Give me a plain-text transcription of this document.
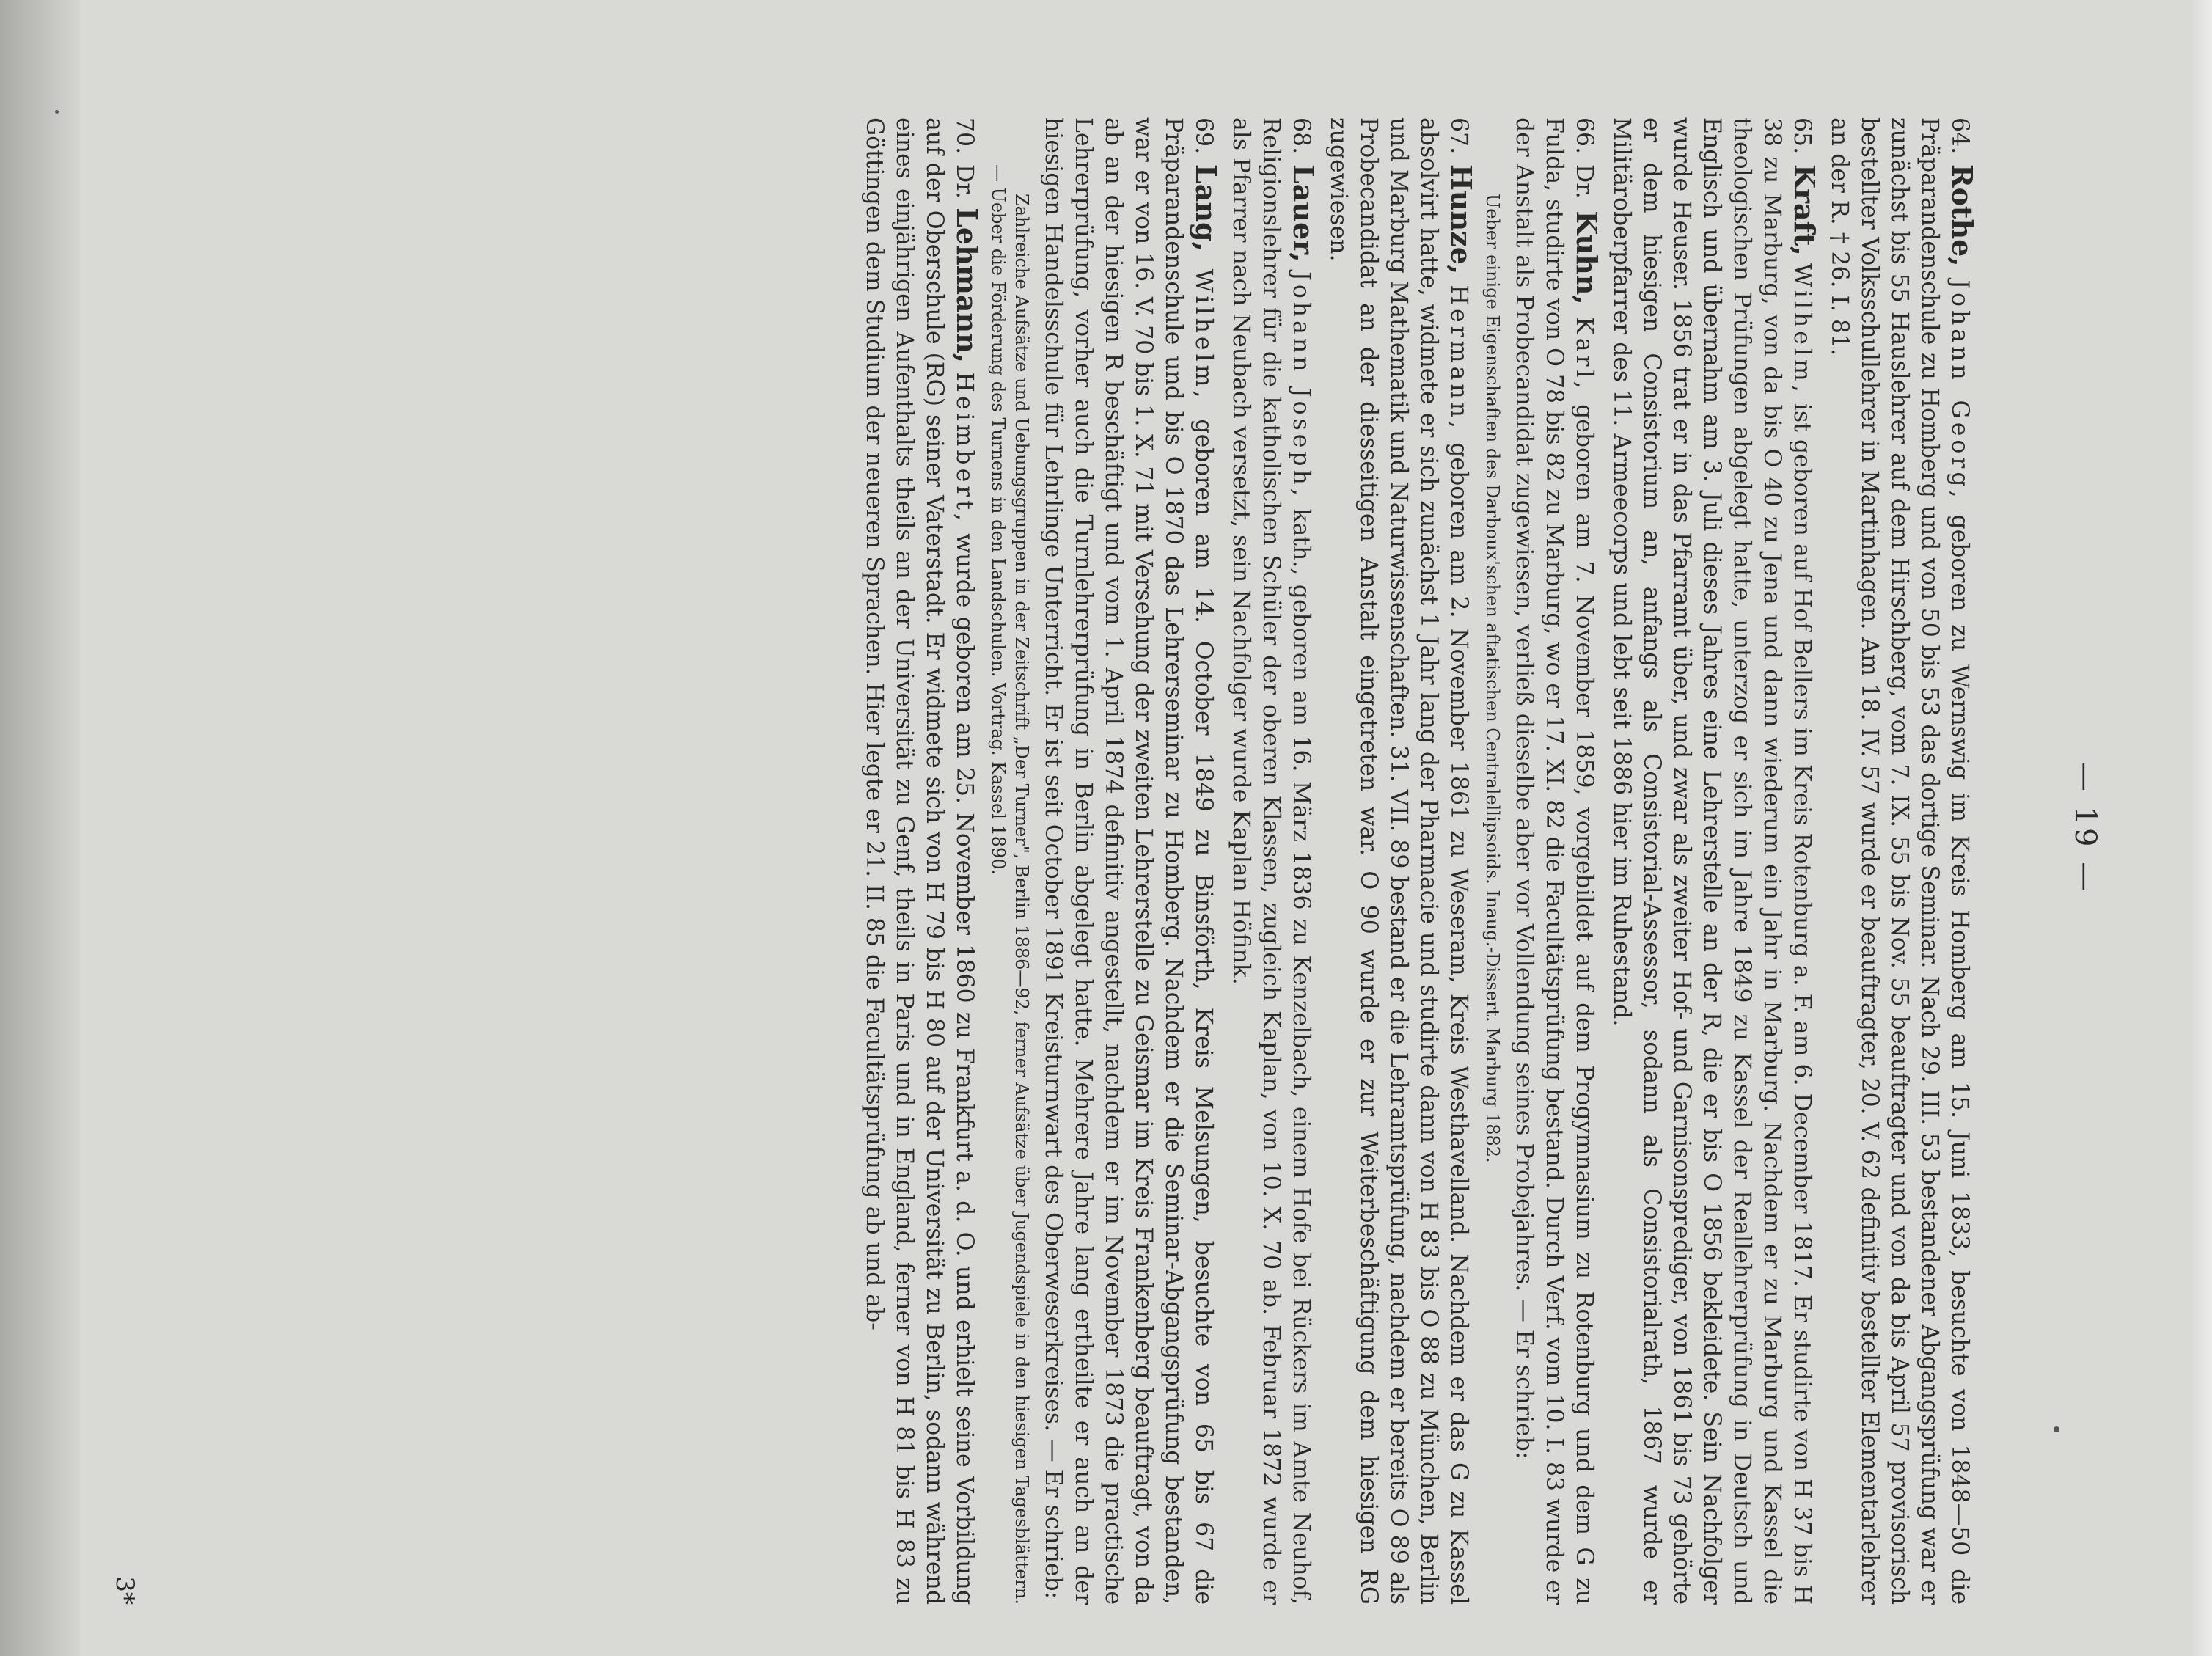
— 19 —

64.Rothe, Johann Georg, geboren zu Wernswig im Kreis Homberg am 15. Juni 1833, besuchte von 1848—50 die Präparandenschule zu Homberg und von 50 bis 53 das dortige Seminar. Nach 29. III. 53 bestandener Abgangsprüfung war er zunächst bis 55 Hauslehrer auf dem Hirschberg, vom 7. IX. 55 bis Nov. 55 beauftragter und von da bis April 57 provisorisch bestellter Volksschullehrer in Martinhagen. Am 18. IV. 57 wurde er beauftragter, 20. V. 62 definitiv bestellter Elementarlehrer an der R. † 26. I. 81.

65.Kraft, Wilhelm, ist geboren auf Hof Bellers im Kreis Rotenburg a. F. am 6. December 1817. Er studirte von H 37 bis H 38 zu Marburg, von da bis O 40 zu Jena und dann wiederum ein Jahr in Marburg. Nachdem er zu Marburg und Kassel die theologischen Prüfungen abgelegt hatte, unterzog er sich im Jahre 1849 zu Kassel der Reallehrerprüfung in Deutsch und Englisch und übernahm am 3. Juli dieses Jahres eine Lehrerstelle an der R, die er bis O 1856 bekleidete. Sein Nachfolger wurde Heuser. 1856 trat er in das Pfarramt über, und zwar als zweiter Hof- und Garnisonsprediger, von 1861 bis 73 gehörte er dem hiesigen Consistorium an, anfangs als Consistorial-Assessor, sodann als Consistorialrath, 1867 wurde er Militäroberpfarrer des 11. Armeecorps und lebt seit 1886 hier im Ruhestand.

66.Dr. Kuhn, Karl, geboren am 7. November 1859, vorgebildet auf dem Progymnasium zu Rotenburg und dem G zu Fulda, studirte von O 78 bis 82 zu Marburg, wo er 17. XI. 82 die Facultätsprüfung bestand. Durch Verf. vom 10. I. 83 wurde er der Anstalt als Probecandidat zugewiesen, verließ dieselbe aber vor Vollendung seines Probejahres. — Er schrieb:

Ueber einige Eigenschaften des Darboux'schen aftatischen Centralellipsoids. Inaug.-Dissert. Marburg 1882.

67.Hunze, Hermann, geboren am 2. November 1861 zu Weseram, Kreis Westhavelland. Nachdem er das G zu Kassel absolvirt hatte, widmete er sich zunächst 1 Jahr lang der Pharmacie und studirte dann von H 83 bis O 88 zu München, Berlin und Marburg Mathematik und Naturwissenschaften. 31. VII. 89 bestand er die Lehramtsprüfung, nachdem er bereits O 89 als Probecandidat an der diesseitigen Anstalt eingetreten war. O 90 wurde er zur Weiterbeschäftigung dem hiesigen RG zugewiesen.

68.Lauer, Johann Joseph, kath., geboren am 16. März 1836 zu Kenzelbach, einem Hofe bei Rückers im Amte Neuhof, Religionslehrer für die katholischen Schüler der oberen Klassen, zugleich Kaplan, von 10. X. 70 ab. Februar 1872 wurde er als Pfarrer nach Neubach versetzt, sein Nachfolger wurde Kaplan Höfink.

69.Lang, Wilhelm, geboren am 14. October 1849 zu Binsförth, Kreis Melsungen, besuchte von 65 bis 67 die Präparandenschule und bis O 1870 das Lehrerseminar zu Homberg. Nachdem er die Seminar-Abgangsprüfung bestanden, war er von 16. V. 70 bis 1. X. 71 mit Versehung der zweiten Lehrerstelle zu Geismar im Kreis Frankenberg beauftragt, von da ab an der hiesigen R beschäftigt und vom 1. April 1874 definitiv angestellt, nachdem er im November 1873 die practische Lehrerprüfung, vorher auch die Turnlehrerprüfung in Berlin abgelegt hatte. Mehrere Jahre lang ertheilte er auch an der hiesigen Handelsschule für Lehrlinge Unterricht. Er ist seit October 1891 Kreisturnwart des Oberweserkreises. — Er schrieb:

Zahlreiche Aufsätze und Uebungsgruppen in der Zeitschrift „Der Turner", Berlin 1886—92, ferner Aufsätze über Jugendspiele in den hiesigen Tagesblättern. — Ueber die Förderung des Turnens in den Landschulen. Vortrag. Kassel 1890.

70.Dr. Lehmann, Heimbert, wurde geboren am 25. November 1860 zu Frankfurt a. d. O. und erhielt seine Vorbildung auf der Oberschule (RG) seiner Vaterstadt. Er widmete sich von H 79 bis H 80 auf der Universität zu Berlin, sodann während eines einjährigen Aufenthalts theils an der Universität zu Genf, theils in Paris und in England, ferner von H 81 bis H 83 zu Göttingen dem Studium der neueren Sprachen. Hier legte er 21. II. 85 die Facultätsprüfung ab und ab-

3*
